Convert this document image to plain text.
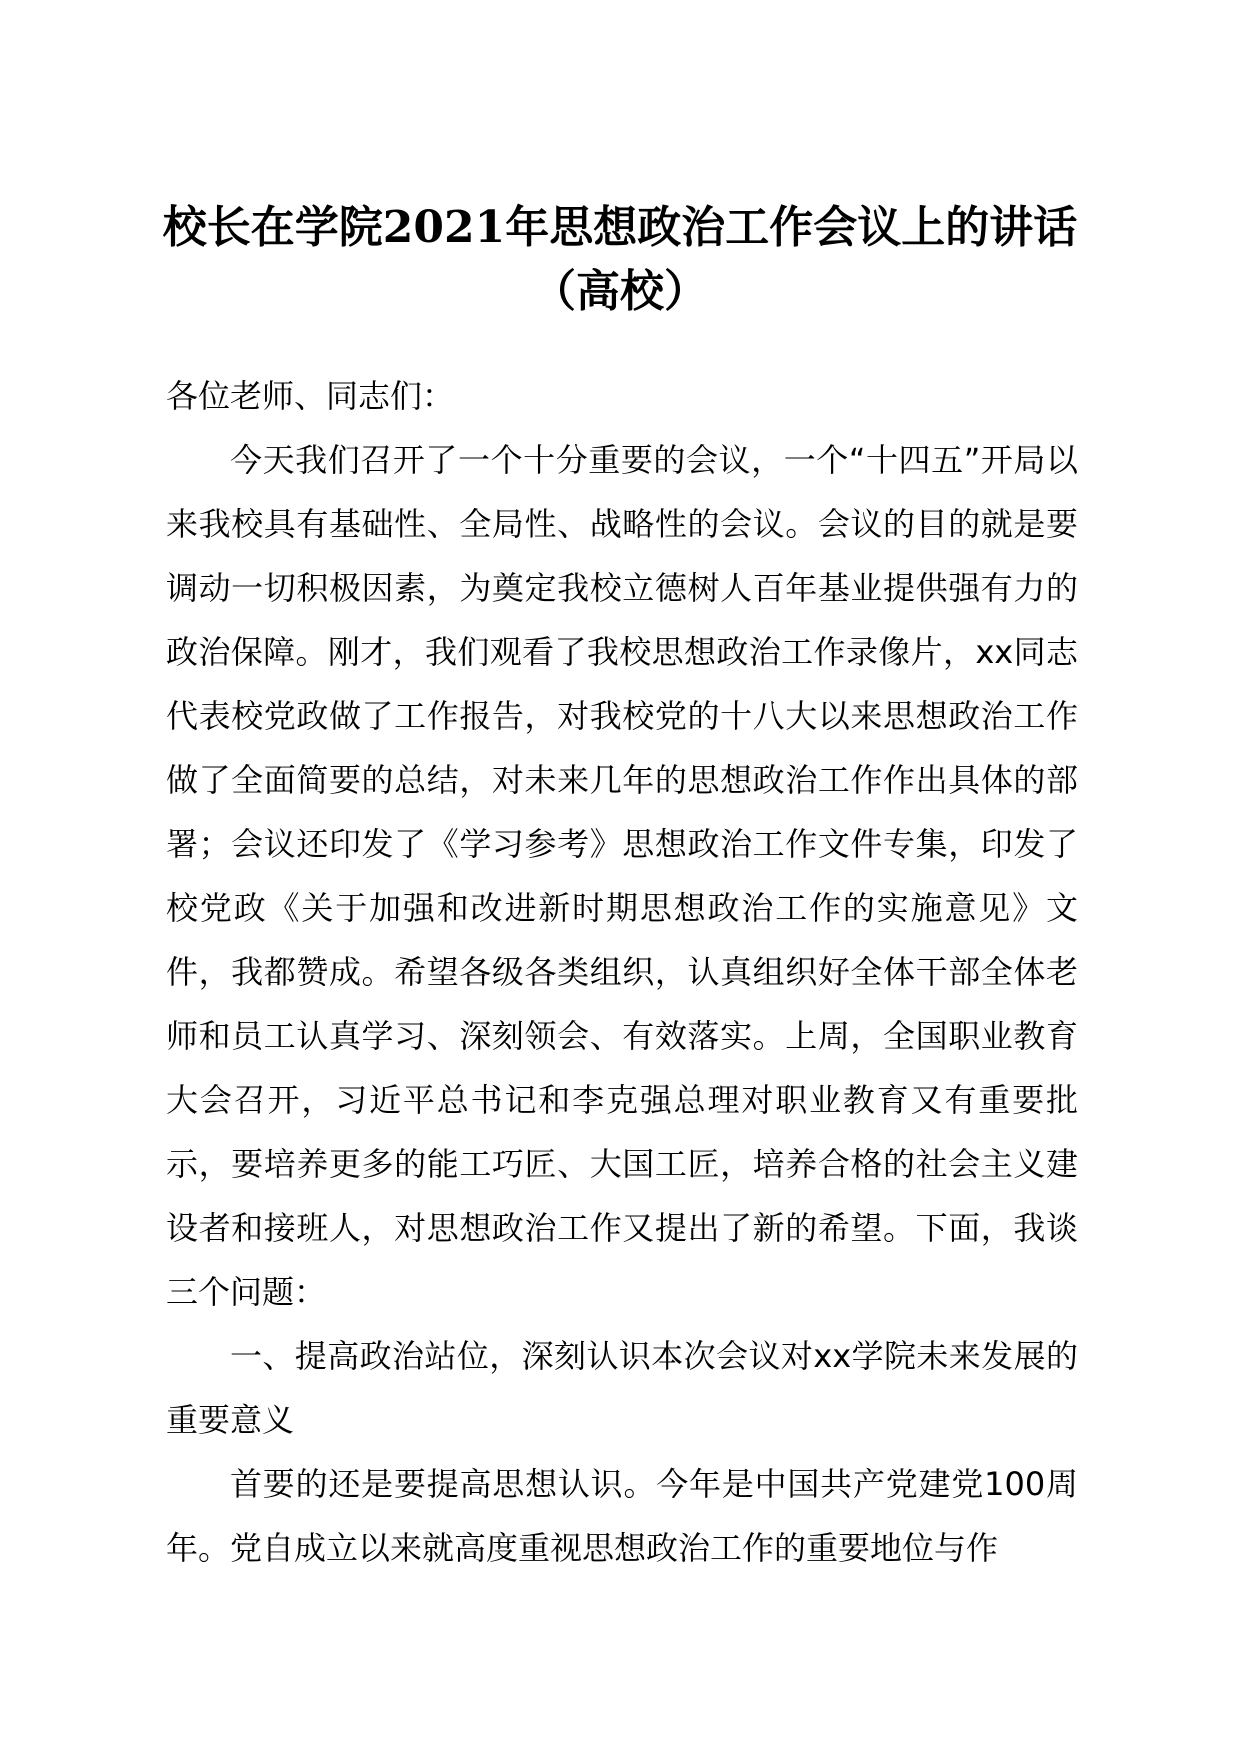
校长在学院2021年思想政治工作会议上的讲话（高校）

各位老师、同志们：

今天我们召开了一个十分重要的会议，一个“十四五”开局以来我校具有基础性、全局性、战略性的会议。会议的目的就是要调动一切积极因素，为奠定我校立德树人百年基业提供强有力的政治保障。刚才，我们观看了我校思想政治工作录像片，xx同志代表校党政做了工作报告，对我校党的十八大以来思想政治工作做了全面简要的总结，对未来几年的思想政治工作作出具体的部署；会议还印发了《学习参考》思想政治工作文件专集，印发了校党政《关于加强和改进新时期思想政治工作的实施意见》文件，我都赞成。希望各级各类组织，认真组织好全体干部全体老师和员工认真学习、深刻领会、有效落实。上周，全国职业教育大会召开，习近平总书记和李克强总理对职业教育又有重要批示，要培养更多的能工巧匠、大国工匠，培养合格的社会主义建设者和接班人，对思想政治工作又提出了新的希望。下面，我谈三个问题：

一、提高政治站位，深刻认识本次会议对xx学院未来发展的重要意义

首要的还是要提高思想认识。今年是中国共产党建党100周年。党自成立以来就高度重视思想政治工作的重要地位与作
